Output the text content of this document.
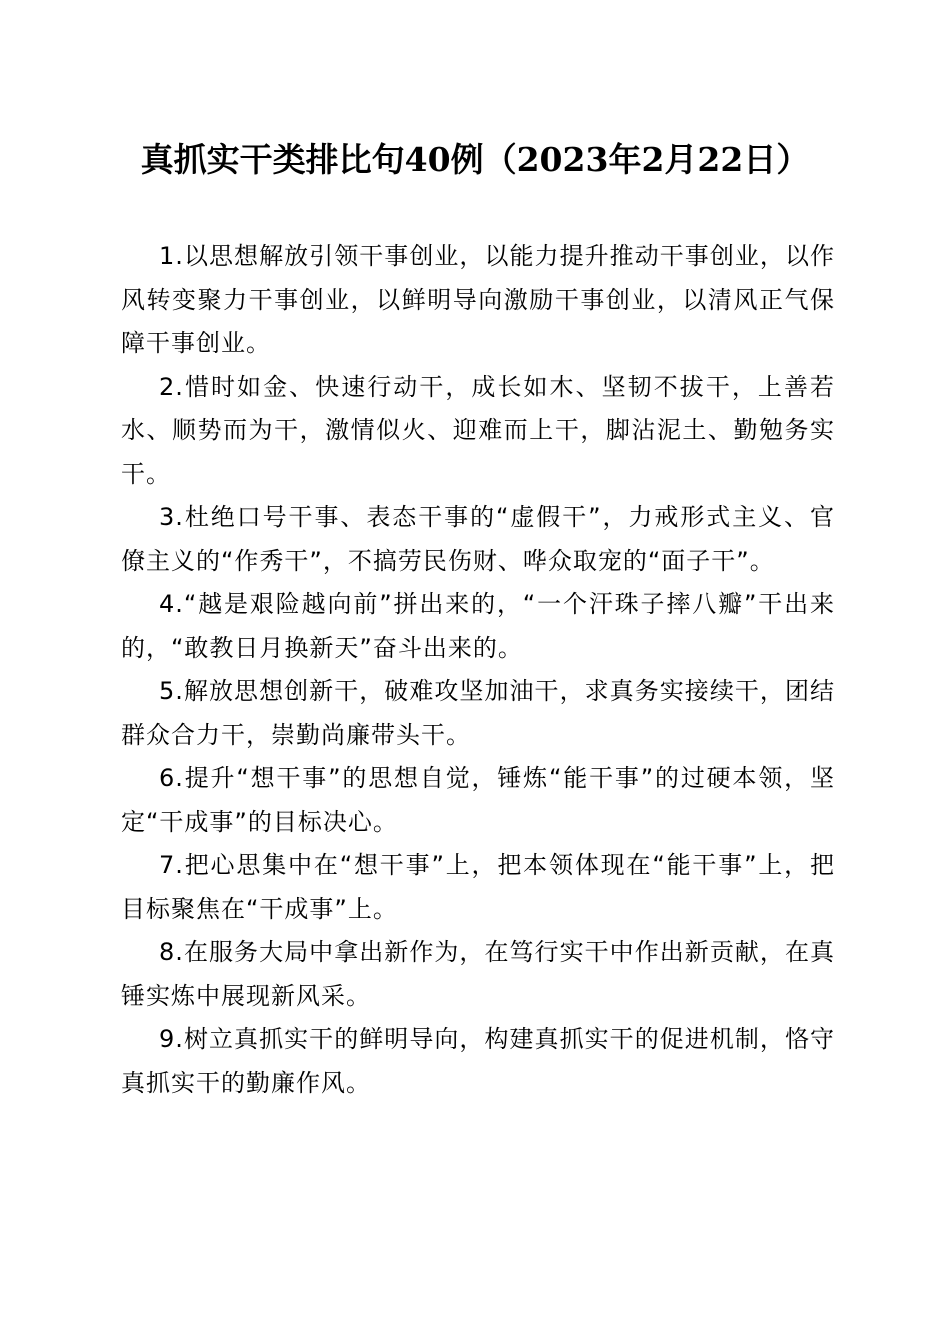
真抓实干类排比句40例（2023年2月22日）

1.以思想解放引领干事创业，以能力提升推动干事创业，以作风转变聚力干事创业，以鲜明导向激励干事创业，以清风正气保障干事创业。

2.惜时如金、快速行动干，成长如木、坚韧不拔干，上善若水、顺势而为干，激情似火、迎难而上干，脚沾泥土、勤勉务实干。

3.杜绝口号干事、表态干事的“虚假干”，力戒形式主义、官僚主义的“作秀干”，不搞劳民伤财、哗众取宠的“面子干”。

4.“越是艰险越向前”拼出来的，“一个汗珠子摔八瓣”干出来的，“敢教日月换新天”奋斗出来的。

5.解放思想创新干，破难攻坚加油干，求真务实接续干，团结群众合力干，崇勤尚廉带头干。

6.提升“想干事”的思想自觉，锤炼“能干事”的过硬本领，坚定“干成事”的目标决心。

7.把心思集中在“想干事”上，把本领体现在“能干事”上，把目标聚焦在“干成事”上。

8.在服务大局中拿出新作为，在笃行实干中作出新贡献，在真锤实炼中展现新风采。

9.树立真抓实干的鲜明导向，构建真抓实干的促进机制，恪守真抓实干的勤廉作风。
